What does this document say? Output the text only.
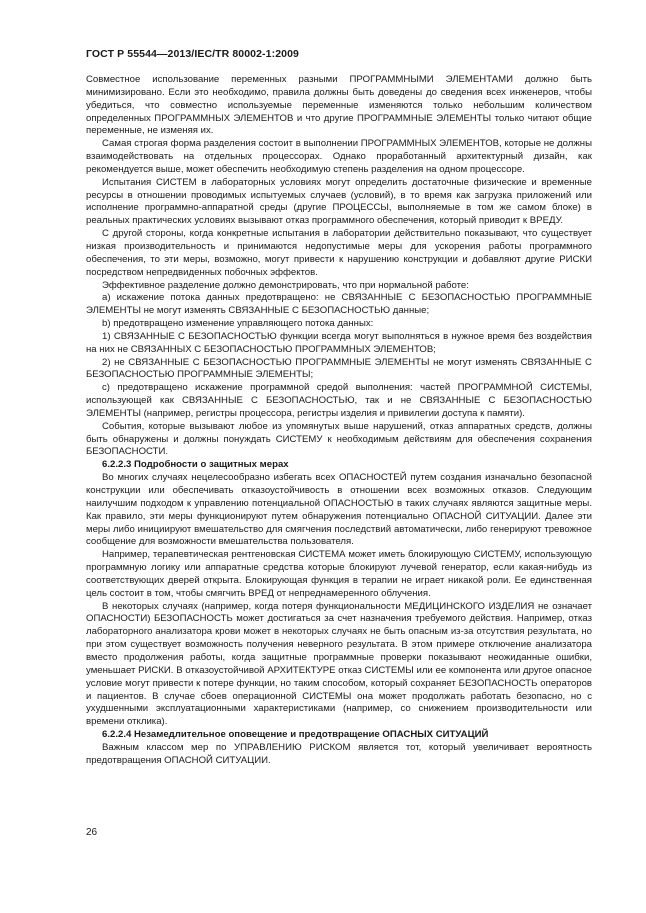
ГОСТ Р 55544—2013/IEC/TR 80002-1:2009

Совместное использование переменных разными ПРОГРАММНЫМИ ЭЛЕМЕНТАМИ должно быть минимизировано. Если это необходимо, правила должны быть доведены до сведения всех инженеров, чтобы убедиться, что совместно используемые переменные изменяются только небольшим количеством определенных ПРОГРАММНЫХ ЭЛЕМЕНТОВ и что другие ПРОГРАММНЫЕ ЭЛЕМЕНТЫ только читают общие переменные, не изменяя их.

Самая строгая форма разделения состоит в выполнении ПРОГРАММНЫХ ЭЛЕМЕНТОВ, которые не должны взаимодействовать на отдельных процессорах. Однако проработанный архитектурный дизайн, как рекомендуется выше, может обеспечить необходимую степень разделения на одном процессоре.

Испытания СИСТЕМ в лабораторных условиях могут определить достаточные физические и временные ресурсы в отношении проводимых испытуемых случаев (условий), в то время как загрузка приложений или исполнение программно-аппаратной среды (другие ПРОЦЕССЫ, выполняемые в том же самом блоке) в реальных практических условиях вызывают отказ программного обеспечения, который приводит к ВРЕДУ.

С другой стороны, когда конкретные испытания в лаборатории действительно показывают, что существует низкая производительность и принимаются недопустимые меры для ускорения работы программного обеспечения, то эти меры, возможно, могут привести к нарушению конструкции и добавляют другие РИСКИ посредством непредвиденных побочных эффектов.

Эффективное разделение должно демонстрировать, что при нормальной работе:

а) искажение потока данных предотвращено: не СВЯЗАННЫЕ С БЕЗОПАСНОСТЬЮ ПРОГРАММНЫЕ ЭЛЕМЕНТЫ не могут изменять СВЯЗАННЫЕ С БЕЗОПАСНОСТЬЮ данные;

b) предотвращено изменение управляющего потока данных:

1) СВЯЗАННЫЕ С БЕЗОПАСНОСТЬЮ функции всегда могут выполняться в нужное время без воздействия на них не СВЯЗАННЫХ С БЕЗОПАСНОСТЬЮ ПРОГРАММНЫХ ЭЛЕМЕНТОВ;

2) не СВЯЗАННЫЕ С БЕЗОПАСНОСТЬЮ ПРОГРАММНЫЕ ЭЛЕМЕНТЫ не могут изменять СВЯЗАННЫЕ С БЕЗОПАСНОСТЬЮ ПРОГРАММНЫЕ ЭЛЕМЕНТЫ;

с) предотвращено искажение программной средой выполнения: частей ПРОГРАММНОЙ СИСТЕМЫ, использующей как СВЯЗАННЫЕ С БЕЗОПАСНОСТЬЮ, так и не СВЯЗАННЫЕ С БЕЗОПАСНОСТЬЮ ЭЛЕМЕНТЫ (например, регистры процессора, регистры изделия и привилегии доступа к памяти).

События, которые вызывают любое из упомянутых выше нарушений, отказ аппаратных средств, должны быть обнаружены и должны понуждать СИСТЕМУ к необходимым действиям для обеспечения сохранения БЕЗОПАСНОСТИ.

6.2.2.3 Подробности о защитных мерах

Во многих случаях нецелесообразно избегать всех ОПАСНОСТЕЙ путем создания изначально безопасной конструкции или обеспечивать отказоустойчивость в отношении всех возможных отказов. Следующим наилучшим подходом к управлению потенциальной ОПАСНОСТЬЮ в таких случаях являются защитные меры. Как правило, эти меры функционируют путем обнаружения потенциально ОПАСНОЙ СИТУАЦИИ. Далее эти меры либо инициируют вмешательство для смягчения последствий автоматически, либо генерируют тревожное сообщение для возможности вмешательства пользователя.

Например, терапевтическая рентгеновская СИСТЕМА может иметь блокирующую СИСТЕМУ, использующую программную логику или аппаратные средства которые блокируют лучевой генератор, если какая-нибудь из соответствующих дверей открыта. Блокирующая функция в терапии не играет никакой роли. Ее единственная цель состоит в том, чтобы смягчить ВРЕД от непреднамеренного облучения.

В некоторых случаях (например, когда потеря функциональности МЕДИЦИНСКОГО ИЗДЕЛИЯ не означает ОПАСНОСТИ) БЕЗОПАСНОСТЬ может достигаться за счет назначения требуемого действия. Например, отказ лабораторного анализатора крови может в некоторых случаях не быть опасным из-за отсутствия результата, но при этом существует возможность получения неверного результата. В этом примере отключение анализатора вместо продолжения работы, когда защитные программные проверки показывают неожиданные ошибки, уменьшает РИСКИ. В отказоустойчивой АРХИТЕКТУРЕ отказ СИСТЕМЫ или ее компонента или другое опасное условие могут привести к потере функции, но таким способом, который сохраняет БЕЗОПАСНОСТЬ операторов и пациентов. В случае сбоев операционной СИСТЕМЫ она может продолжать работать безопасно, но с ухудшенными эксплуатационными характеристиками (например, со снижением производительности или времени отклика).

6.2.2.4 Незамедлительное оповещение и предотвращение ОПАСНЫХ СИТУАЦИЙ

Важным классом мер по УПРАВЛЕНИЮ РИСКОМ является тот, который увеличивает вероятность предотвращения ОПАСНОЙ СИТУАЦИИ.

26
